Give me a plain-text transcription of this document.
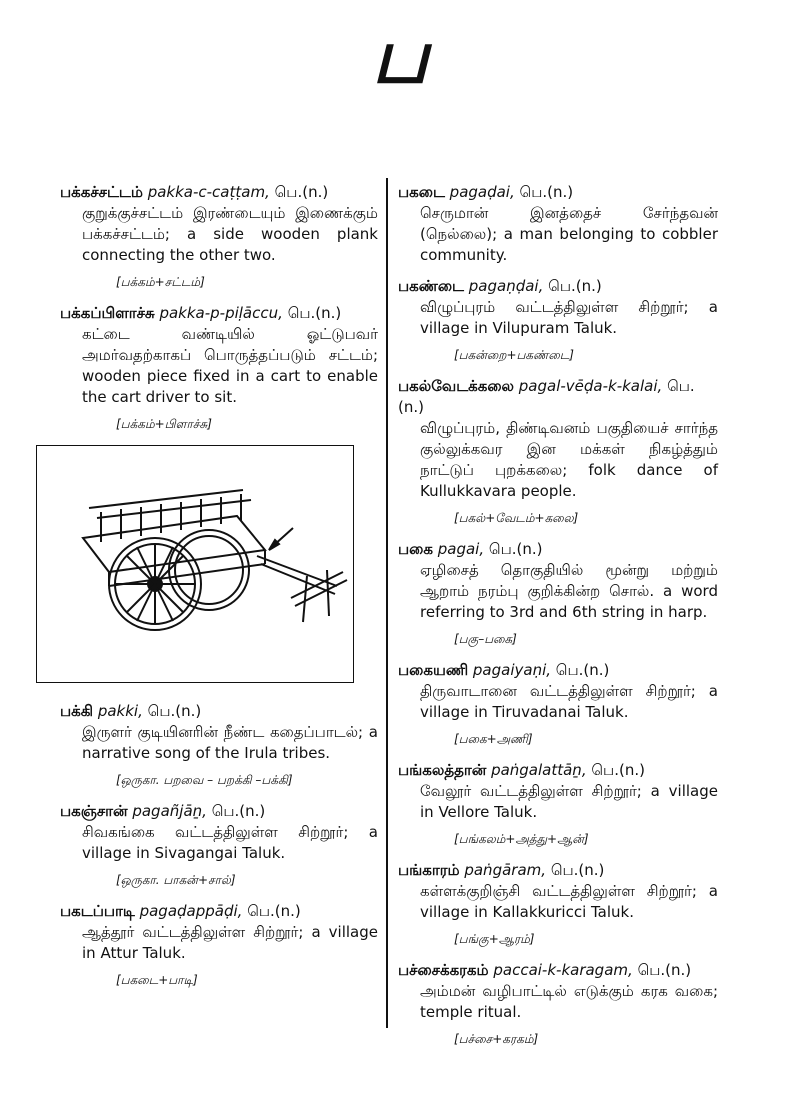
ப
பக்கச்சட்டம் pakka-c-caṭṭam, பெ.(n.)
குறுக்குச்சட்டம் இரண்டையும் இணைக்கும் பக்கச்சட்டம்; a side wooden plank connecting the other two.
[பக்கம்+சட்டம்]
பக்கப்பிளாச்சு pakka-p-piḷāccu, பெ.(n.)
கட்டை வண்டியில் ஓட்டுபவர் அமர்வதற்காகப் பொருத்தப்படும் சட்டம்; wooden piece fixed in a cart to enable the cart driver to sit.
[பக்கம்+பிளாச்சு]
பக்கி pakki, பெ.(n.)
இருளர் குடியினரின் நீண்ட கதைப்பாடல்; a narrative song of the Irula tribes.
[ஒருகா. பறவை – பறக்கி –பக்கி]
பகஞ்சான் pagañjāṉ, பெ.(n.)
சிவகங்கை வட்டத்திலுள்ள சிற்றூர்; a village in Sivagangai Taluk.
[ஒருகா. பாகன்+சால்]
பகடப்பாடி pagaḍappāḍi, பெ.(n.)
ஆத்தூர் வட்டத்திலுள்ள சிற்றூர்; a village in Attur Taluk.
[பகடை+பாடி]
பகடை pagaḍai, பெ.(n.)
செருமான் இனத்தைச் சேர்ந்தவன் (நெல்லை); a man belonging to cobbler community.
பகண்டை pagaṇḍai, பெ.(n.)
விழுப்புரம் வட்டத்திலுள்ள சிற்றூர்; a village in Vilupuram Taluk.
[பகன்றை+பகண்டை]
பகல்வேடக்கலை pagal-vēḍa-k-kalai, பெ.(n.)
விழுப்புரம், திண்டிவனம் பகுதியைச் சார்ந்த குல்லுக்கவர இன மக்கள் நிகழ்த்தும் நாட்டுப் புறக்கலை; folk dance of Kullukkavara people.
[பகல்+வேடம்+கலை]
பகை pagai, பெ.(n.)
ஏழிசைத் தொகுதியில் மூன்று மற்றும் ஆறாம் நரம்பு குறிக்கின்ற சொல். a word referring to 3rd and 6th string in harp.
[பகு–பகை]
பகையணி pagaiyaṇi, பெ.(n.)
திருவாடானை வட்டத்திலுள்ள சிற்றூர்; a village in Tiruvadanai Taluk.
[பகை+அணி]
பங்கலத்தான் paṅgalattāṉ, பெ.(n.)
வேலூர் வட்டத்திலுள்ள சிற்றூர்; a village in Vellore Taluk.
[பங்கலம்+அத்து+ஆன்]
பங்காரம் paṅgāram, பெ.(n.)
கள்ளக்குறிஞ்சி வட்டத்திலுள்ள சிற்றூர்; a village in Kallakkuricci Taluk.
[பங்கு+ஆரம்]
பச்சைக்கரகம் paccai-k-karagam, பெ.(n.)
அம்மன் வழிபாட்டில் எடுக்கும் கரக வகை; temple ritual.
[பச்சை+கரகம்]
